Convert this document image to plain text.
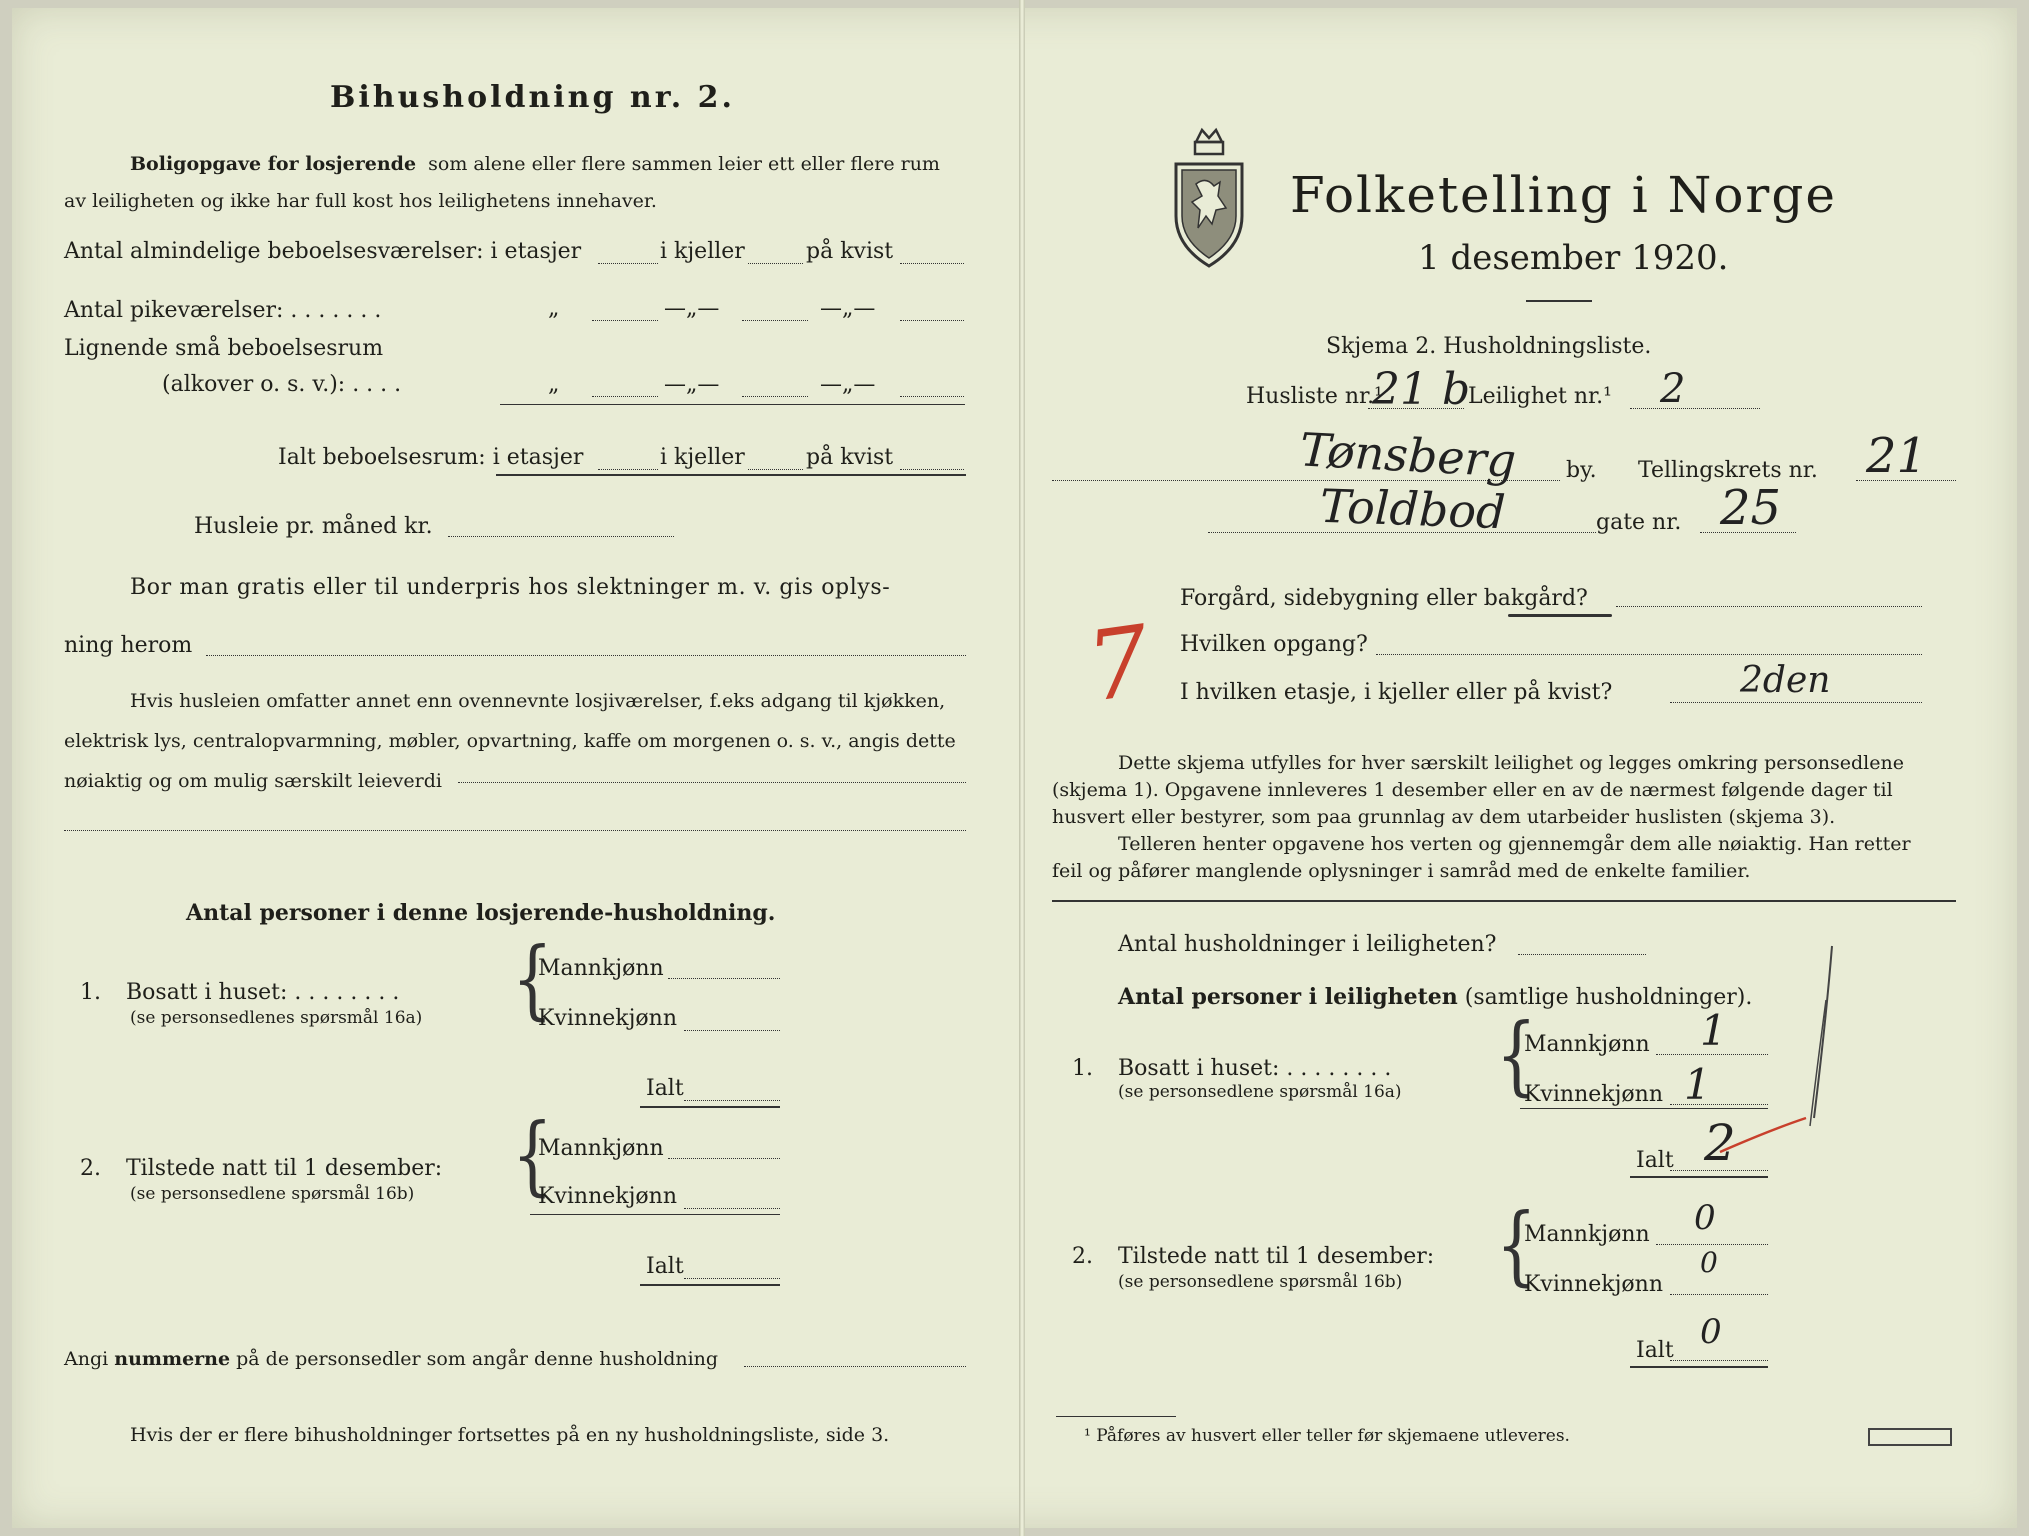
Bihusholdning nr. 2.
Boligopgave for losjerende som alene eller flere sammen leier ett eller flere rum
av leiligheten og ikke har full kost hos leilighetens innehaver.
Antal almindelige beboelsesværelser: i etasjer	i kjeller	på kvist
Antal pikeværelser: . . . . . . .	„	—„—	—„—
Lignende små beboelsesrum
(alkover o. s. v.): . . . .	„	—„—	—„—
Ialt beboelsesrum: i etasjer	i kjeller	på kvist
Husleie pr. måned kr.
Bor man gratis eller til underpris hos slektninger m. v. gis oplys-
ning herom
Hvis husleien omfatter annet enn ovennevnte losjiværelser, f.eks adgang til kjøkken,
elektrisk lys, centralopvarmning, møbler, opvartning, kaffe om morgenen o. s. v., angis dette
nøiaktig og om mulig særskilt leieverdi
Antal personer i denne losjerende-husholdning.
1. Bosatt i huset: . . . . . . . .
(se personsedlenes spørsmål 16a) {
Mannkjønn
Kvinnekjønn
Ialt
2. Tilstede natt til 1 desember:
(se personsedlene spørsmål 16b) {
Mannkjønn
Kvinnekjønn
Ialt
Angi nummerne på de personsedler som angår denne husholdning
Hvis der er flere bihusholdninger fortsettes på en ny husholdningsliste, side 3.
Folketelling i Norge
1 desember 1920.
Skjema 2. Husholdningsliste.
Husliste nr.¹
21 b
Leilighet nr.¹ 2
Tønsberg by. Tellingskrets nr. 21
Toldbod	gate nr. 25
Forgård, sidebygning eller bakgård?
7 Hvilken opgang?
I hvilken etasje, i kjeller eller på kvist?	2den
Dette skjema utfylles for hver særskilt leilighet og legges omkring personsedlene
(skjema 1). Opgavene innleveres 1 desember eller en av de nærmest følgende dager til
husvert eller bestyrer, som paa grunnlag av dem utarbeider huslisten (skjema 3).
Telleren henter opgavene hos verten og gjennemgår dem alle nøiaktig. Han retter
feil og påfører manglende oplysninger i samråd med de enkelte familier.
Antal husholdninger i leiligheten?
Antal personer i leiligheten (samtlige husholdninger).
1. Bosatt i huset: . . . . . . . .
(se personsedlene spørsmål 16a) {
Mannkjønn 1
Kvinnekjønn 1
Ialt 2
2. Tilstede natt til 1 desember:
(se personsedlene spørsmål 16b) {
Mannkjønn 0
Kvinnekjønn
0
Ialt 0
¹ Påføres av husvert eller teller før skjemaene utleveres.
